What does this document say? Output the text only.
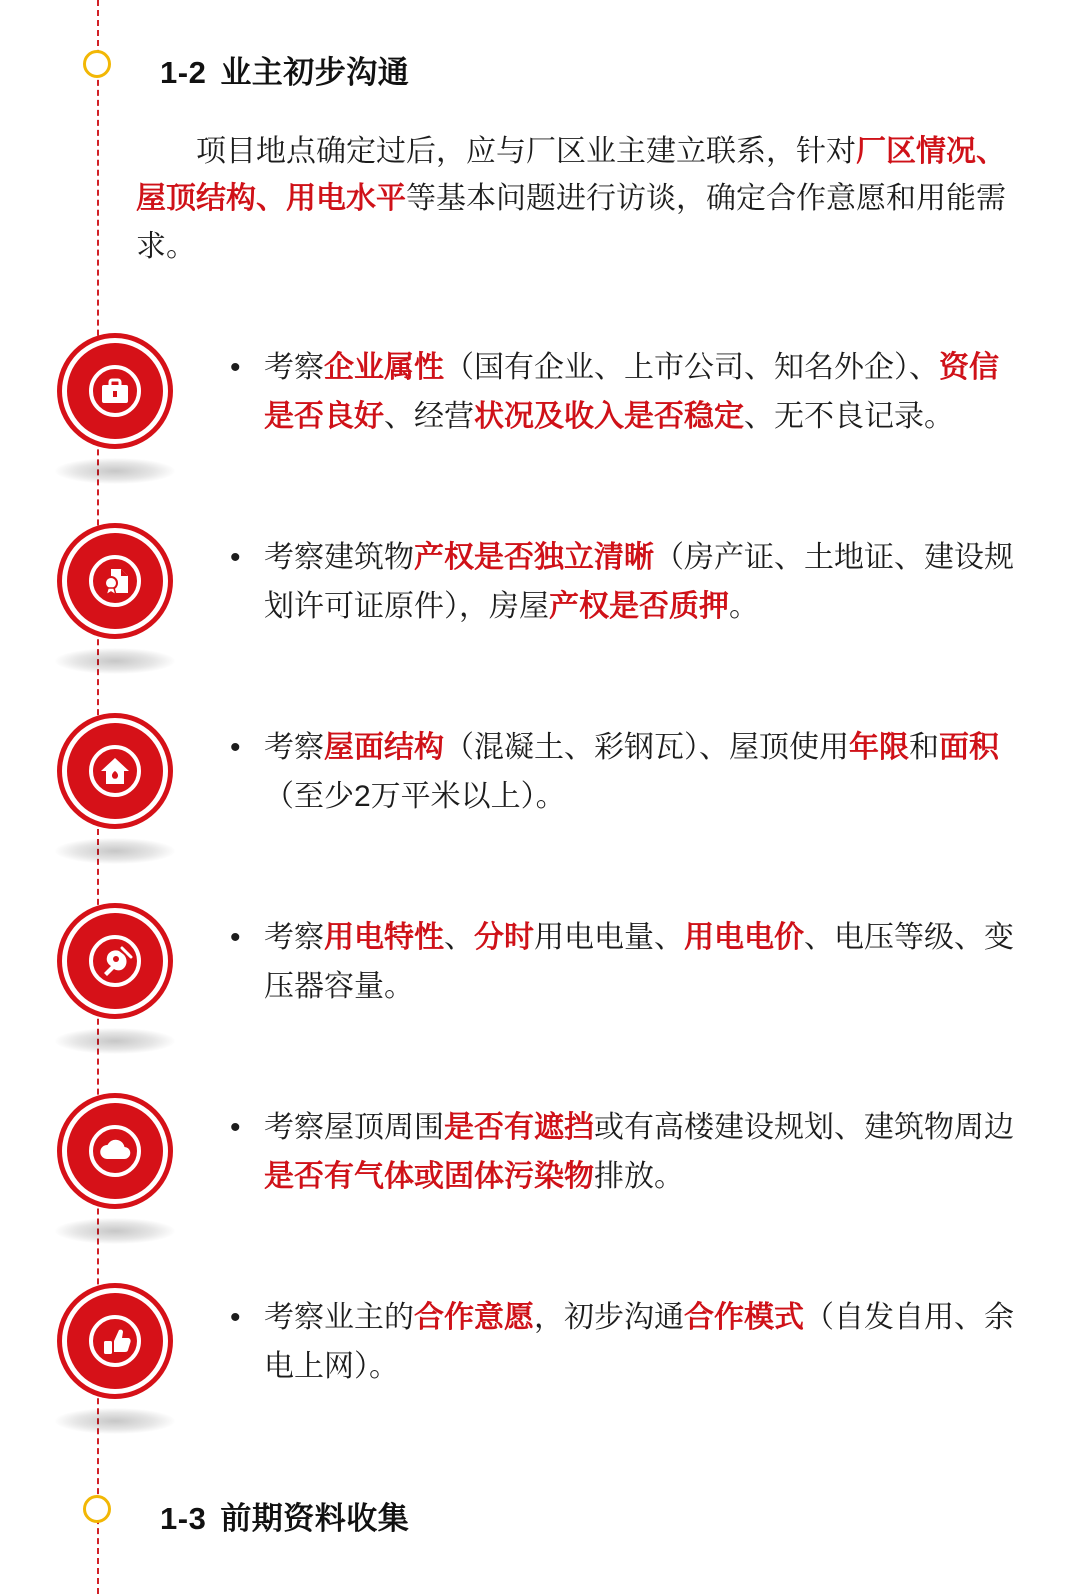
1-2 业主初步沟通
项目地点确定过后，应与厂区业主建立联系，针对厂区情况、屋顶结构、用电水平等基本问题进行访谈，确定合作意愿和用能需求。
• 考察企业属性（国有企业、上市公司、知名外企）、资信是否良好、经营状况及收入是否稳定、无不良记录。
• 考察建筑物产权是否独立清晰（房产证、土地证、建设规划许可证原件），房屋产权是否质押。
• 考察屋面结构（混凝土、彩钢瓦）、屋顶使用年限和面积（至少2万平米以上）。
• 考察用电特性、分时用电电量、用电电价、电压等级、变压器容量。
• 考察屋顶周围是否有遮挡或有高楼建设规划、建筑物周边是否有气体或固体污染物排放。
• 考察业主的合作意愿，初步沟通合作模式（自发自用、余电上网）。
1-3 前期资料收集
